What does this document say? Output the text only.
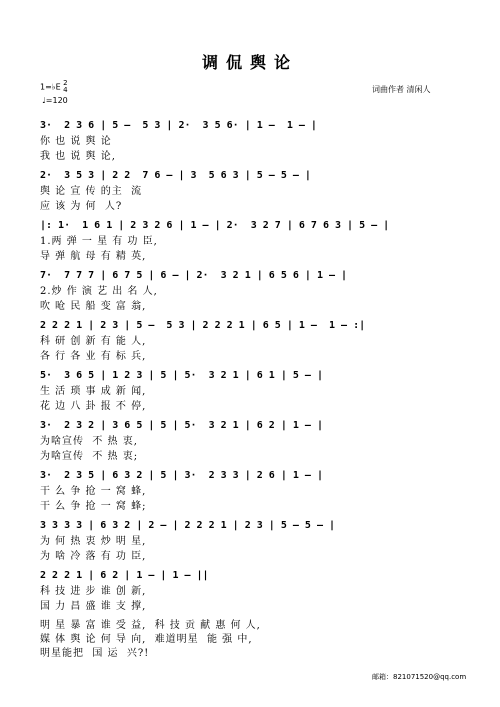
调侃舆论
1=♭E 2
4
♩=120
词曲作者 清闲人
3·  2 3 6 | 5 –  5 3 | 2·  3 5 6· | 1 –  1 – |
你 也 说 舆 论
我 也 说 舆 论,
2·  3 5 3 | 2 2  7 6 – | 3  5 6 3 | 5 – 5 – |
舆 论 宣 传 的主  流
应 该 为 何  人?
|: 1·  1 6 1 | 2 3 2 6 | 1 – | 2·  3 2 7 | 6 7 6 3 | 5 – |
1.两 弹 一 星 有 功 臣,
导 弹 航 母 有 精 英,
7·  7 7 7 | 6 7 5 | 6 – | 2·  3 2 1 | 6 5 6 | 1 – |
2.炒 作 演 艺 出 名 人,
吹 呛 民 船 变 富 翁,
2 2 2 1 | 2 3 | 5 –  5 3 | 2 2 2 1 | 6 5 | 1 –  1 – :|
科 研 创 新 有 能 人,
各 行 各 业 有 标 兵,
5·  3 6 5 | 1 2 3 | 5 | 5·  3 2 1 | 6 1 | 5 – |
生 活 琐 事 成 新 闻,
花 边 八 卦 报 不 停,
3·  2 3 2 | 3 6 5 | 5 | 5·  3 2 1 | 6 2 | 1 – |
为啥宣传  不 热 衷,
为啥宣传  不 热 衷;
3·  2 3 5 | 6 3 2 | 5 | 3·  2 3 3 | 2 6 | 1 – |
干 么 争 抢 一 窝 蜂,
干 么 争 抢 一 窝 蜂;
3 3 3 3 | 6 3 2 | 2 – | 2 2 2 1 | 2 3 | 5 – 5 – |
为 何 热 衷 炒 明 星,
为 啥 冷 落 有 功 臣,
2 2 2 1 | 6 2 | 1 – | 1 – ||
科 技 进 步 谁 创 新,
国 力 昌 盛 谁 支 撑,
明 星 暴 富 谁 受 益,  科 技 贡 献 惠 何 人,
媒 体 舆 论 何 导 向,  难道明星  能 强 中,
明星能把  国 运  兴?!
邮箱：821071520@qq.com
